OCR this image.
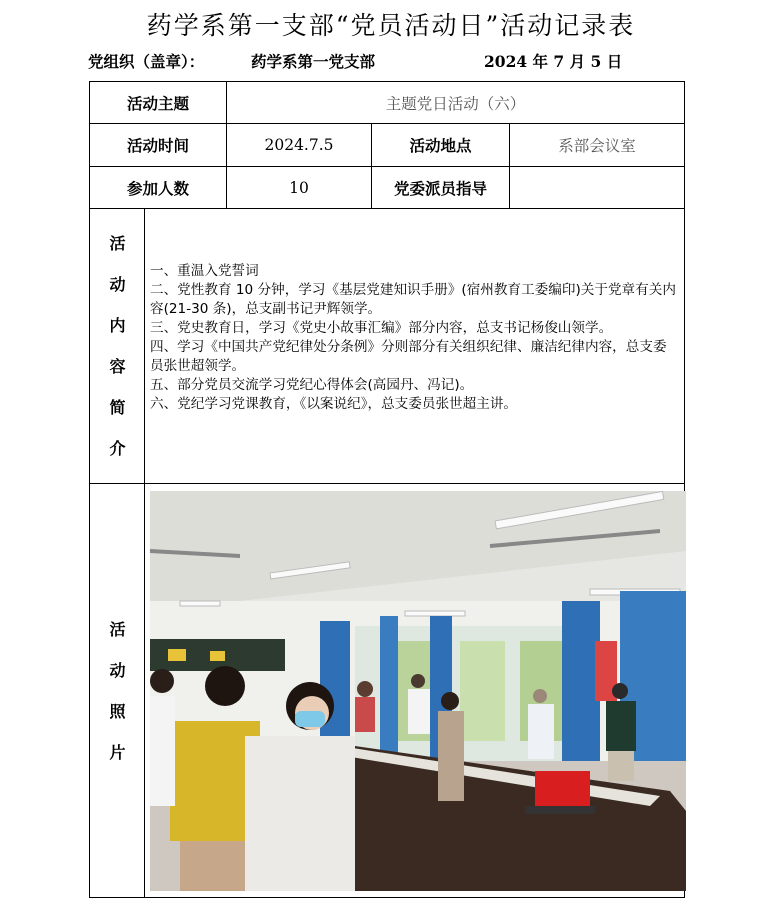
药学系第一支部“党员活动日”活动记录表
党组织（盖章）：	药学系第一党支部	2024 年 7 月 5 日
活动主题	主题党日活动（六）
活动时间	2024.7.5	活动地点	系部会议室
参加人数	10	党委派员指导
活
动
内
容
简
介

一、重温入党誓词

二、党性教育 10 分钟，学习《基层党建知识手册》(宿州教育工委编印)关于党章有关内容(21-30 条)，总支副书记尹辉领学。

三、党史教育日，学习《党史小故事汇编》部分内容，总支书记杨俊山领学。

四、学习《中国共产党纪律处分条例》分则部分有关组织纪律、廉洁纪律内容，总支委员张世超领学。

五、部分党员交流学习党纪心得体会(高园丹、冯记)。

六、党纪学习党课教育，《以案说纪》，总支委员张世超主讲。

活
动
照
片
